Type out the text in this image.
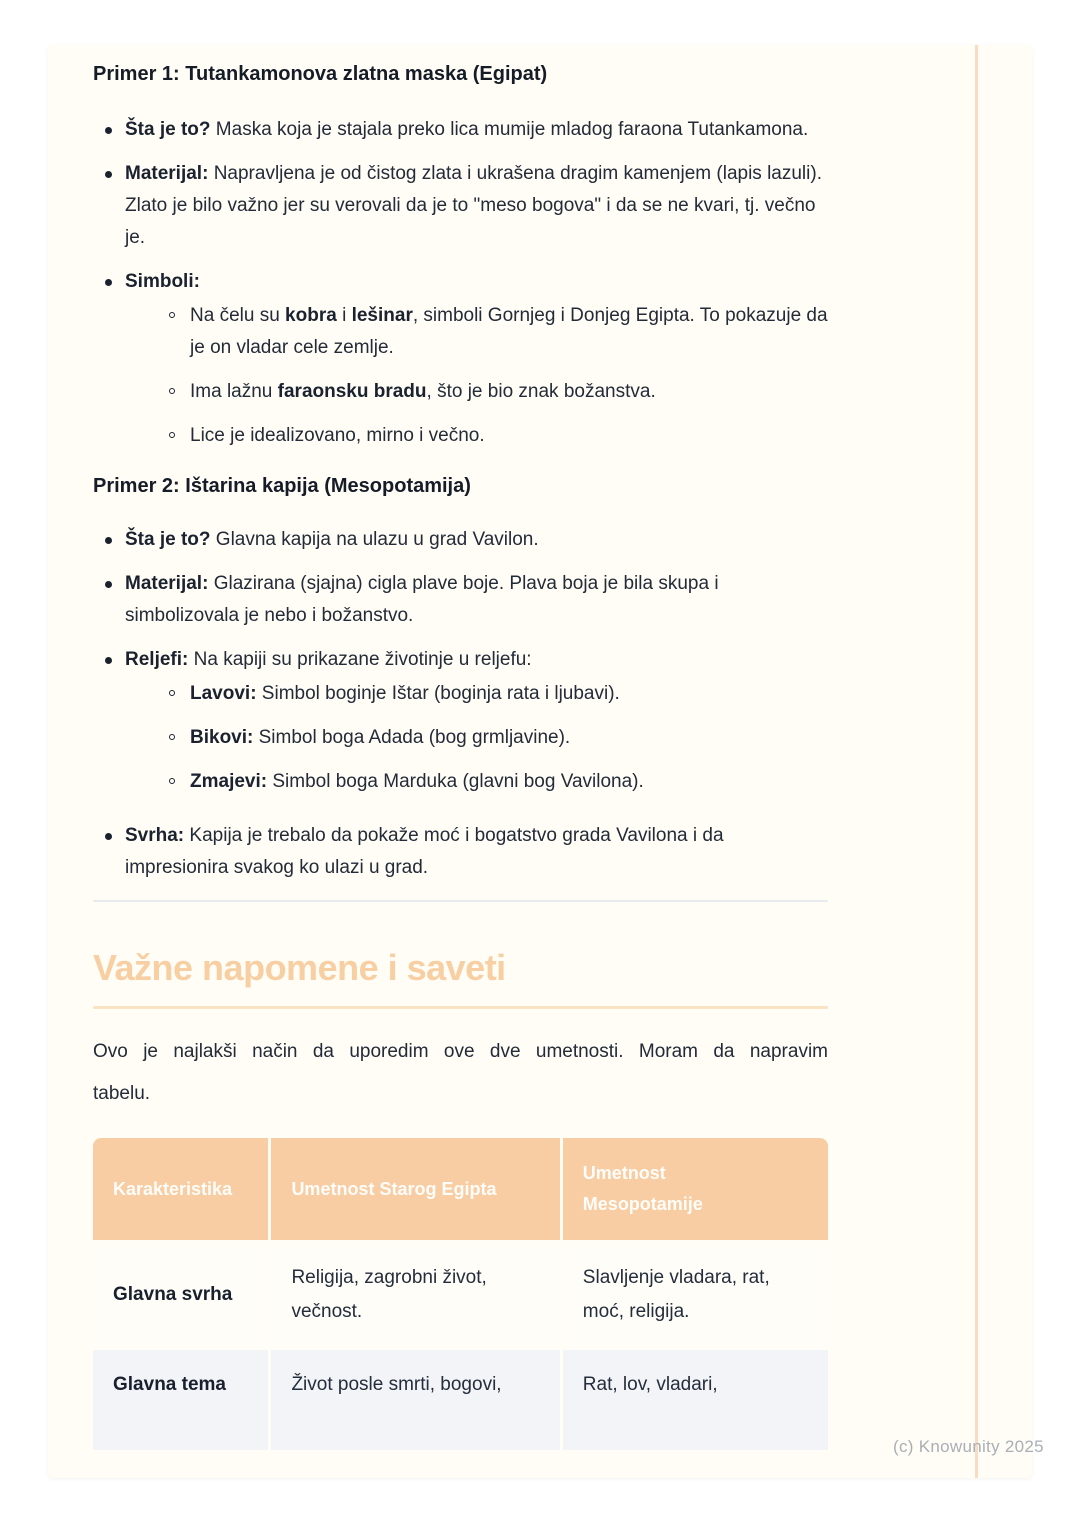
Primer 1: Tutankamonova zlatna maska (Egipat)
Šta je to? Maska koja je stajala preko lica mumije mladog faraona Tutankamona.
Materijal: Napravljena je od čistog zlata i ukrašena dragim kamenjem (lapis lazuli). Zlato je bilo važno jer su verovali da je to "meso bogova" i da se ne kvari, tj. večno je.
Simboli:
Na čelu su kobra i lešinar, simboli Gornjeg i Donjeg Egipta. To pokazuje da je on vladar cele zemlje.
Ima lažnu faraonsku bradu, što je bio znak božanstva.
Lice je idealizovano, mirno i večno.
Primer 2: Ištarina kapija (Mesopotamija)
Šta je to? Glavna kapija na ulazu u grad Vavilon.
Materijal: Glazirana (sjajna) cigla plave boje. Plava boja je bila skupa i simbolizovala je nebo i božanstvo.
Reljefi: Na kapiji su prikazane životinje u reljefu:
Lavovi: Simbol boginje Ištar (boginja rata i ljubavi).
Bikovi: Simbol boga Adada (bog grmljavine).
Zmajevi: Simbol boga Marduka (glavni bog Vavilona).
Svrha: Kapija je trebalo da pokaže moć i bogatstvo grada Vavilona i da impresionira svakog ko ulazi u grad.
Važne napomene i saveti

Ovo je najlakši način da uporedim ove dve umetnosti. Moram da napravim
tabelu.

Karakteristika	Umetnost Starog Egipta	Umetnost Mesopotamije
Glavna svrha	Religija, zagrobni život, večnost.	Slavljenje vladara, rat, moć, religija.

Glavna tema	Život posle smrti, bogovi,	Rat, lov, vladari,
(c) Knowunity 2025
